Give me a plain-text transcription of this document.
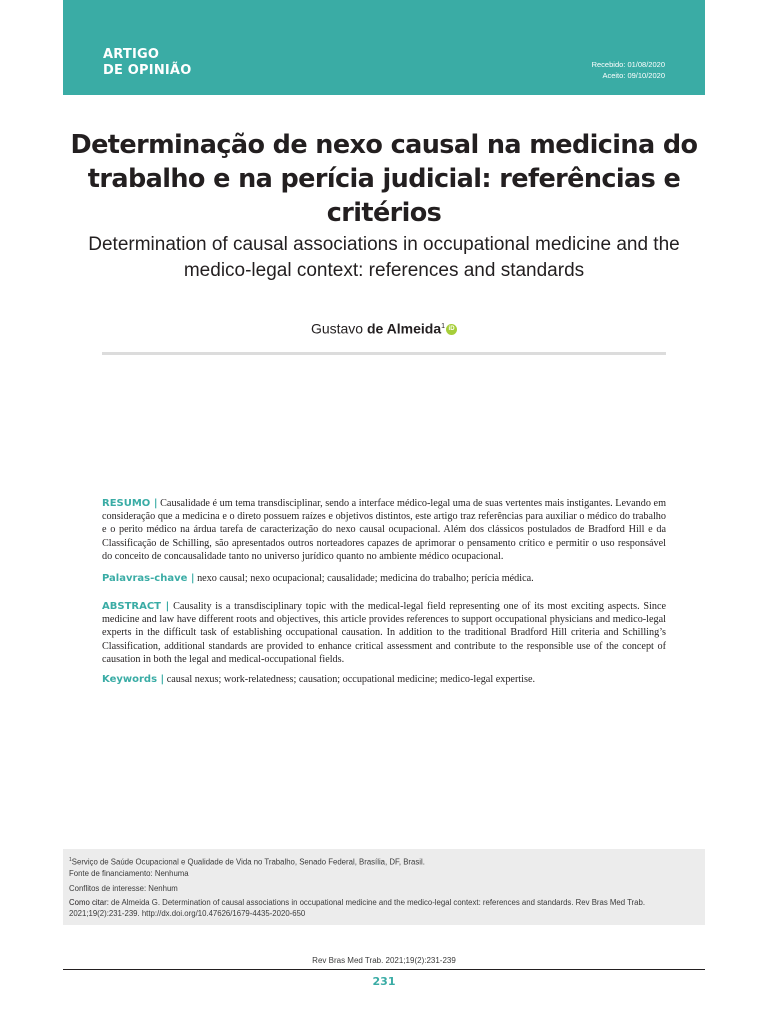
ARTIGO
DE OPINIÃO	Recebido: 01/08/2020
Aceito: 09/10/2020
Determinação de nexo causal na medicina do trabalho e na perícia judicial: referências e critérios
Determination of causal associations in occupational medicine and the medico-legal context: references and standards
Gustavo de Almeida$^1$ iD
RESUMO | Causalidade é um tema transdisciplinar, sendo a interface médico-legal uma de suas vertentes mais instigantes. Levando em consideração que a medicina e o direto possuem raízes e objetivos distintos, este artigo traz referências para auxiliar o médico do trabalho e o perito médico na árdua tarefa de caracterização do nexo causal ocupacional. Além dos clássicos postulados de Bradford Hill e da Classificação de Schilling, são apresentados outros norteadores capazes de aprimorar o pensamento crítico e permitir o uso responsável do conceito de concausalidade tanto no universo jurídico quanto no ambiente médico ocupacional.
Palavras-chave | nexo causal; nexo ocupacional; causalidade; medicina do trabalho; perícia médica.
ABSTRACT | Causality is a transdisciplinary topic with the medical-legal field representing one of its most exciting aspects. Since medicine and law have different roots and objectives, this article provides references to support occupational physicians and medico-legal experts in the difficult task of establishing occupational causation. In addition to the traditional Bradford Hill criteria and Schilling’s Classification, additional standards are provided to enhance critical assessment and contribute to the responsible use of the concept of causation in both the legal and medical-occupational fields.
Keywords | causal nexus; work-relatedness; causation; occupational medicine; medico-legal expertise.
$^1$Serviço de Saúde Ocupacional e Qualidade de Vida no Trabalho, Senado Federal, Brasília, DF, Brasil.
Fonte de financiamento: Nenhuma
Conflitos de interesse: Nenhum
Como citar: de Almeida G. Determination of causal associations in occupational medicine and the medico-legal context: references and standards. Rev Bras Med Trab. 2021;19(2):231-239. http://dx.doi.org/10.47626/1679-4435-2020-650
Rev Bras Med Trab. 2021;19(2):231-239
231
